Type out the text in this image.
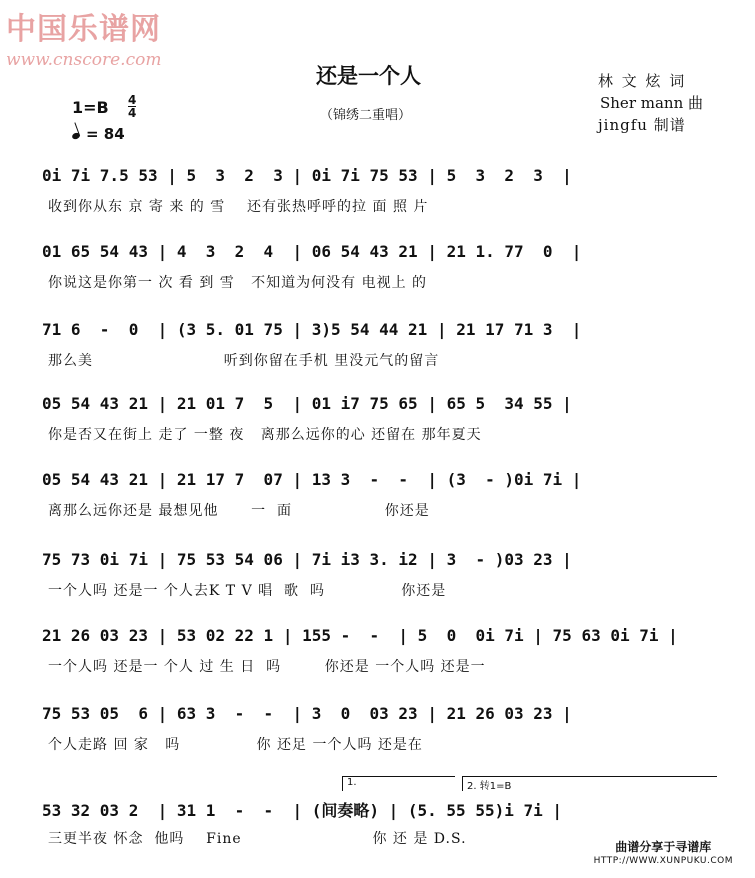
中国乐谱网
www.cnscore.com
还是一个人
（锦绣二重唱）
林 文 炫 词
Sher mann 曲
jingfu 制谱
1=B 4
4
= 84
0i 7i 7.5 53 | 5  3  2  3 | 0i 7i 75 53 | 5  3  2  3  |
收到你从东 京 寄 来 的 雪    还有张热呼呼的拉 面 照 片
01 65 54 43 | 4  3  2  4  | 06 54 43 21 | 21 1. 77  0  |
你说这是你第一 次 看 到 雪   不知道为何没有 电视上 的
71 6  -  0  | (3 5. 01 75 | 3)5 54 44 21 | 21 17 71 3  |
那么美                        听到你留在手机 里没元气的留言
05 54 43 21 | 21 01 7  5  | 01 i7 75 65 | 65 5  34 55 |
你是否又在街上 走了 一整 夜   离那么远你的心 还留在 那年夏天
05 54 43 21 | 21 17 7  07 | 13 3  -  -  | (3  - )0i 7i |
离那么远你还是 最想见他      一  面                 你还是
75 73 0i 7i | 75 53 54 06 | 7i i3 3. i2 | 3  - )03 23 |
一个人吗 还是一 个人去K T V 唱  歌  吗              你还是
21 26 03 23 | 53 02 22 1 | 155 -  -  | 5  0  0i 7i | 75 63 0i 7i |
一个人吗 还是一 个人 过 生 日  吗        你还是 一个人吗 还是一
75 53 05  6 | 63 3  -  -  | 3  0  03 23 | 21 26 03 23 |
个人走路 回 家   吗              你 还足 一个人吗 还是在
53 32 03 2  | 31 1  -  -  | (间奏略) | (5. 55 55)i 7i |
三更半夜 怀念  他吗    Fine                        你 还 是 D.S.
1.	2. 转1=B
曲谱分享于寻谱库
HTTP://WWW.XUNPUKU.COM
